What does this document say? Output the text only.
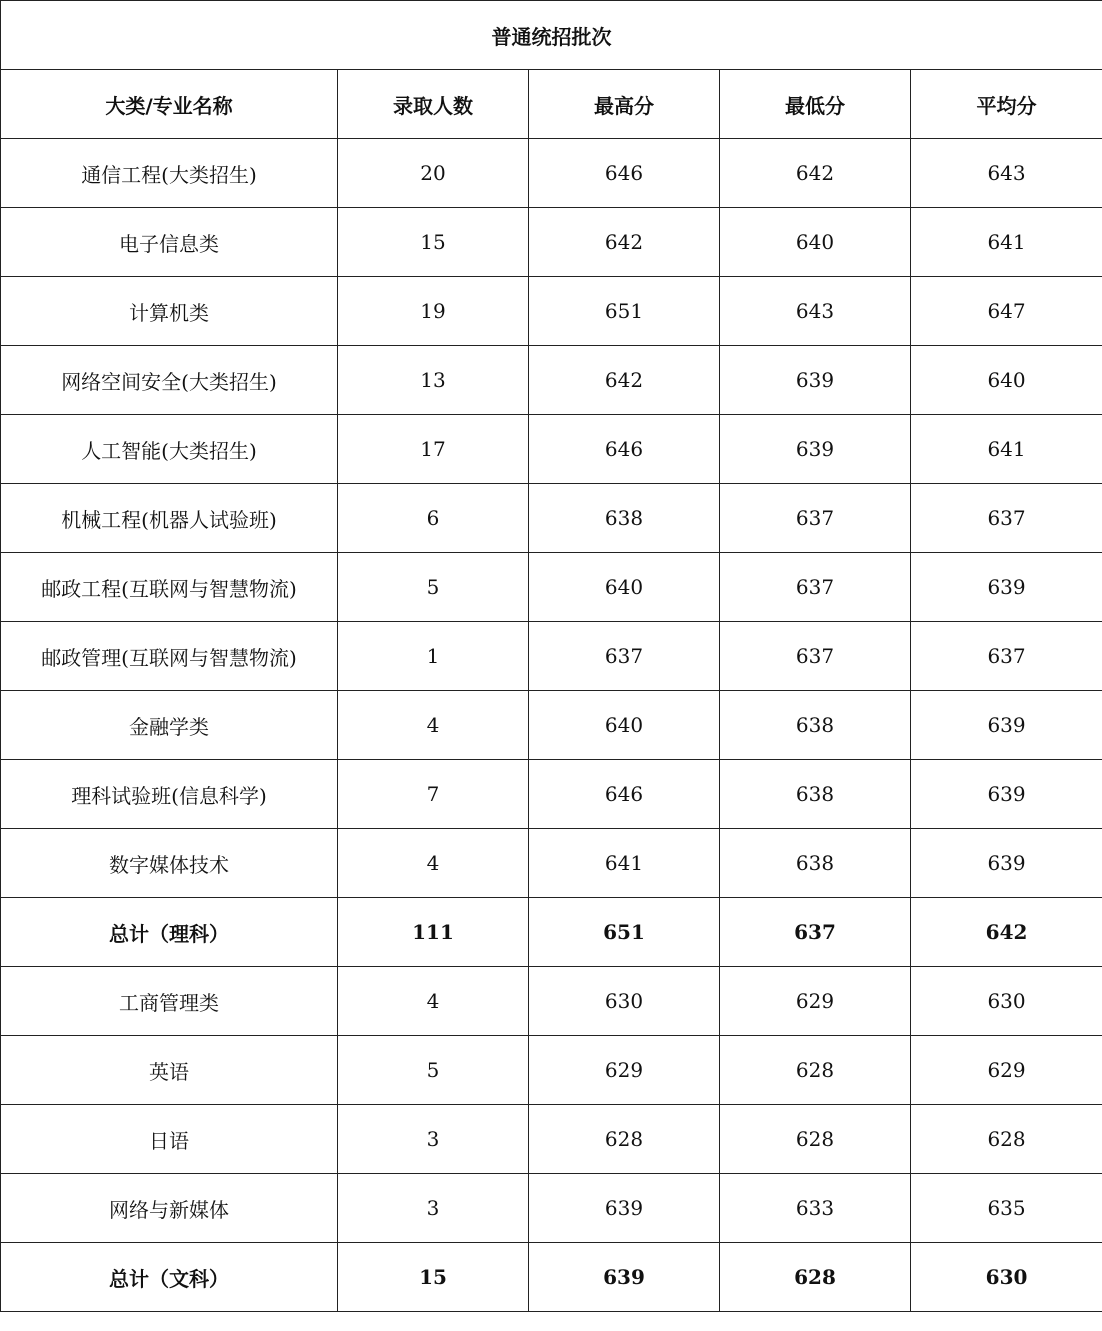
普通统招批次				
大类/专业名称	录取人数	最高分	最低分	平均分
通信工程(大类招生)	20	646	642	643
电子信息类	15	642	640	641
计算机类	19	651	643	647
网络空间安全(大类招生)	13	642	639	640
人工智能(大类招生)	17	646	639	641
机械工程(机器人试验班)	6	638	637	637
邮政工程(互联网与智慧物流)	5	640	637	639
邮政管理(互联网与智慧物流)	1	637	637	637
金融学类	4	640	638	639
理科试验班(信息科学)	7	646	638	639
数字媒体技术	4	641	638	639
总计（理科）	111	651	637	642
工商管理类	4	630	629	630
英语	5	629	628	629
日语	3	628	628	628
网络与新媒体	3	639	633	635
总计（文科）	15	639	628	630
